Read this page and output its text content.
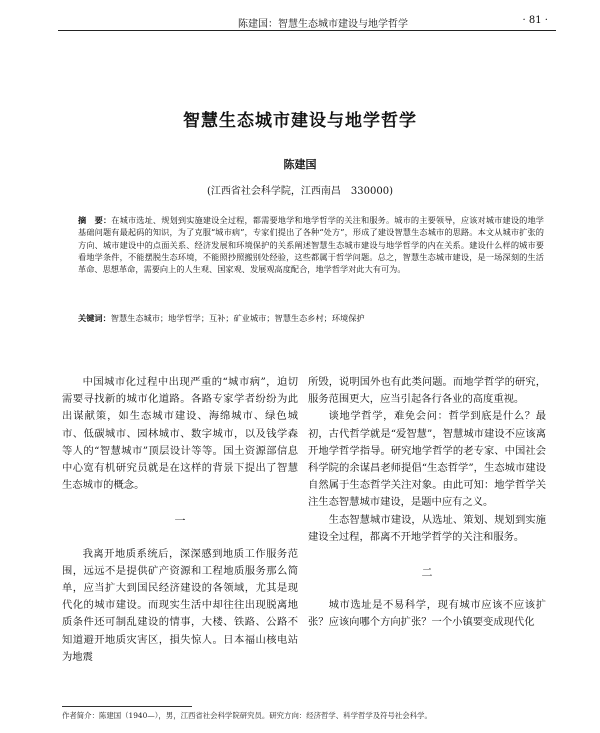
陈建国：智慧生态城市建设与地学哲学	· 81 ·
智慧生态城市建设与地学哲学
陈建国
(江西省社会科学院，江西南昌　330000)
摘　要：在城市选址、规划到实施建设全过程，都需要地学和地学哲学的关注和服务。城市的主要领导，应该对城市建设的地学基础问题有最起码的知识，为了克服“城市病”，专家们提出了各种“处方”，形成了建设智慧生态城市的思路。本文从城市扩张的方向、城市建设中的点面关系、经济发展和环境保护的关系阐述智慧生态城市建设与地学哲学的内在关系。建设什么样的城市要看地学条件，不能摆脱生态环境，不能照抄照搬别处经验，这些都属于哲学问题。总之，智慧生态城市建设，是一场深刻的生活革命、思想革命，需要向上的人生观、国家观、发展观高度配合，地学哲学对此大有可为。
关键词：智慧生态城市；地学哲学；互补；矿业城市；智慧生态乡村；环境保护

中国城市化过程中出现严重的“城市病”，迫切需要寻找新的城市化道路。各路专家学者纷纷为此出谋献策，如生态城市建设、海绵城市、绿色城市、低碳城市、园林城市、数字城市，以及钱学森等人的“智慧城市”顶层设计等等。国土资源部信息中心宽有机研究员就是在这样的背景下提出了智慧生态城市的概念。

一

我离开地质系统后，深深感到地质工作服务范围，远远不是提供矿产资源和工程地质服务那么简单，应当扩大到国民经济建设的各领域，尤其是现代化的城市建设。而现实生活中却往往出现脱离地质条件还可制乱建设的情事，大楼、铁路、公路不知道避开地质灾害区，損失惊人。日本福山核电站为地震

所毁，说明国外也有此类问题。而地学哲学的研究，服务范围更大，应当引起各行各业的高度重视。

谈地学哲学，难免会问：哲学到底是什么？最初，古代哲学就是“爱智慧”，智慧城市建设不应该离开地学哲学指导。研究地学哲学的老专家、中国社会科学院的余谋昌老师提倡“生态哲学”，生态城市建设自然属于生态哲学关注对象。由此可知：地学哲学关注生态智慧城市建设，是题中应有之义。

生态智慧城市建设，从选址、策划、规划到实施建设全过程，都离不开地学哲学的关注和服务。

二

城市选址是不易科学，现有城市应该不应该扩张？应该向哪个方向扩张？一个小镇要变成现代化

作者简介：陈建国（1940—），男，江西省社会科学院研究员。研究方向：经济哲学、科学哲学及符号社会科学。
